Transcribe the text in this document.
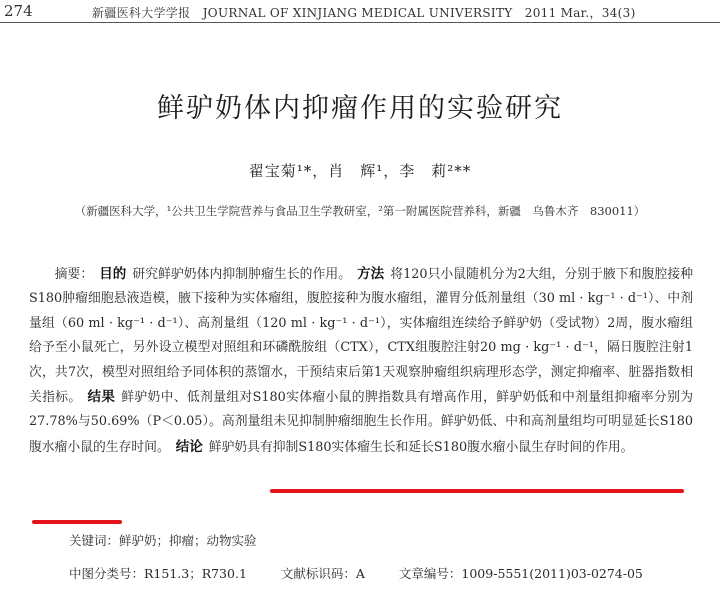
274	新疆医科大学学报　JOURNAL OF XINJIANG MEDICAL UNIVERSITY　2011 Mar.，34(3)
鲜驴奶体内抑瘤作用的实验研究
翟宝菊¹*，肖　辉¹，李　莉²**
（新疆医科大学，¹公共卫生学院营养与食品卫生学教研室，²第一附属医院营养科，新疆　乌鲁木齐　830011）
摘要： 目的 研究鲜驴奶体内抑制肿瘤生长的作用。 方法 将120只小鼠随机分为2大组，分别于腋下和腹腔接种S180肿瘤细胞悬液造模，腋下接种为实体瘤组，腹腔接种为腹水瘤组，灌胃分低剂量组（30 ml · kg⁻¹ · d⁻¹）、中剂量组（60 ml · kg⁻¹ · d⁻¹）、高剂量组（120 ml · kg⁻¹ · d⁻¹），实体瘤组连续给予鲜驴奶（受试物）2周，腹水瘤组给予至小鼠死亡，另外设立模型对照组和环磷酰胺组（CTX），CTX组腹腔注射20 mg · kg⁻¹ · d⁻¹，隔日腹腔注射1次，共7次，模型对照组给予同体积的蒸馏水，干预结束后第1天观察肿瘤组织病理形态学，测定抑瘤率、脏器指数相关指标。 结果 鲜驴奶中、低剂量组对S180实体瘤小鼠的脾指数具有增高作用，鲜驴奶低和中剂量组抑瘤率分别为27.78%与50.69%（P＜0.05）。高剂量组未见抑制肿瘤细胞生长作用。鲜驴奶低、中和高剂量组均可明显延长S180腹水瘤小鼠的生存时间。 结论 鲜驴奶具有抑制S180实体瘤生长和延长S180腹水瘤小鼠生存时间的作用。
关键词：鲜驴奶；抑瘤；动物实验
中图分类号：R151.3；R730.1	文献标识码：A	文章编号：1009-5551(2011)03-0274-05
